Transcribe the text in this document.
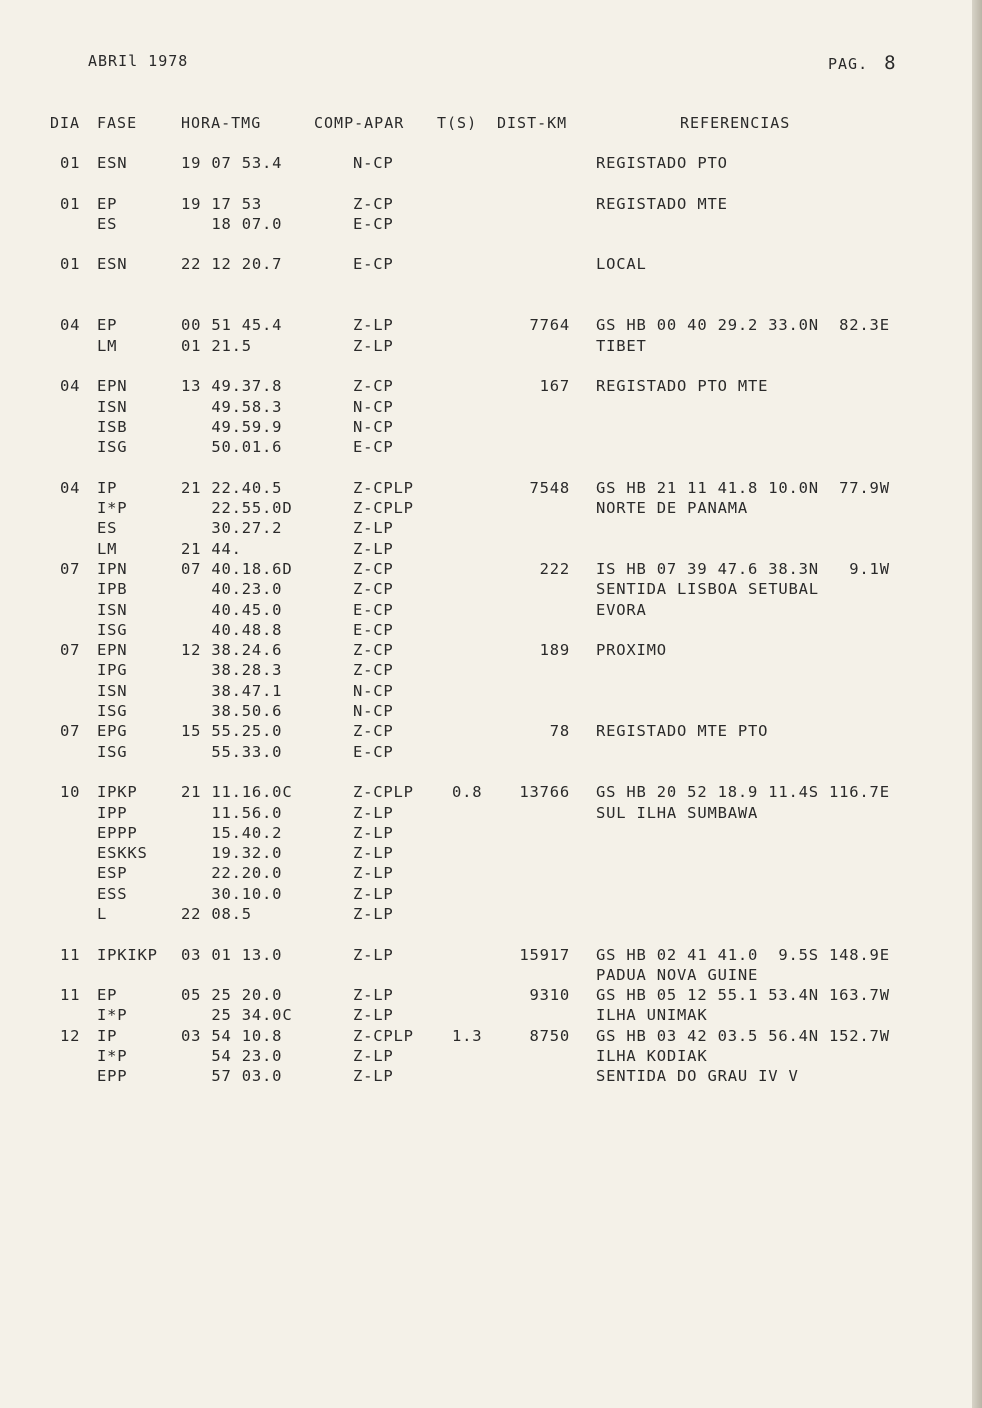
ABRIl 1978	PAG. 8
DIA FASE	HORA-TMG	COMP-APAR T(S) DIST-KM	REFERENCIAS
01 ESN	19 07 53.4	N-CP	REGISTADO PTO
01 EP	19 17 53	Z-CP	REGISTADO MTE
ES	18 07.0	E-CP
01 ESN	22 12 20.7	E-CP	LOCAL
04 EP	00 51 45.4	Z-LP	7764 GS HB 00 40 29.2 33.0N  82.3E
LM	01 21.5	Z-LP	TIBET
04 EPN	13 49.37.8	Z-CP	167 REGISTADO PTO MTE
ISN	49.58.3	N-CP
ISB	49.59.9	N-CP
ISG	50.01.6	E-CP
04 IP	21 22.40.5	Z-CPLP	7548 GS HB 21 11 41.8 10.0N  77.9W
I*P	22.55.0D	Z-CPLP	NORTE DE PANAMA
ES	30.27.2	Z-LP
LM	21 44.	Z-LP
07 IPN	07 40.18.6D	Z-CP	222 IS HB 07 39 47.6 38.3N   9.1W
IPB	40.23.0	Z-CP	SENTIDA LISBOA SETUBAL
ISN	40.45.0	E-CP	EVORA
ISG	40.48.8	E-CP
07 EPN	12 38.24.6	Z-CP	189 PROXIMO
IPG	38.28.3	Z-CP
ISN	38.47.1	N-CP
ISG	38.50.6	N-CP
07 EPG	15 55.25.0	Z-CP	78 REGISTADO MTE PTO
ISG	55.33.0	E-CP
10 IPKP	21 11.16.0C	Z-CPLP 0.8	13766 GS HB 20 52 18.9 11.4S 116.7E
IPP	11.56.0	Z-LP	SUL ILHA SUMBAWA
EPPP	15.40.2	Z-LP
ESKKS 19.32.0	Z-LP
ESP	22.20.0	Z-LP
ESS	30.10.0	Z-LP
L	22 08.5	Z-LP
11 IPKIKP 03 01 13.0	Z-LP	15917 GS HB 02 41 41.0  9.5S 148.9E
PADUA NOVA GUINE
11 EP	05 25 20.0	Z-LP	9310 GS HB 05 12 55.1 53.4N 163.7W
I*P	25 34.0C	Z-LP	ILHA UNIMAK
12 IP	03 54 10.8	Z-CPLP 1.3	8750 GS HB 03 42 03.5 56.4N 152.7W
I*P	54 23.0	Z-LP	ILHA KODIAK
EPP	57 03.0	Z-LP	SENTIDA DO GRAU IV V
